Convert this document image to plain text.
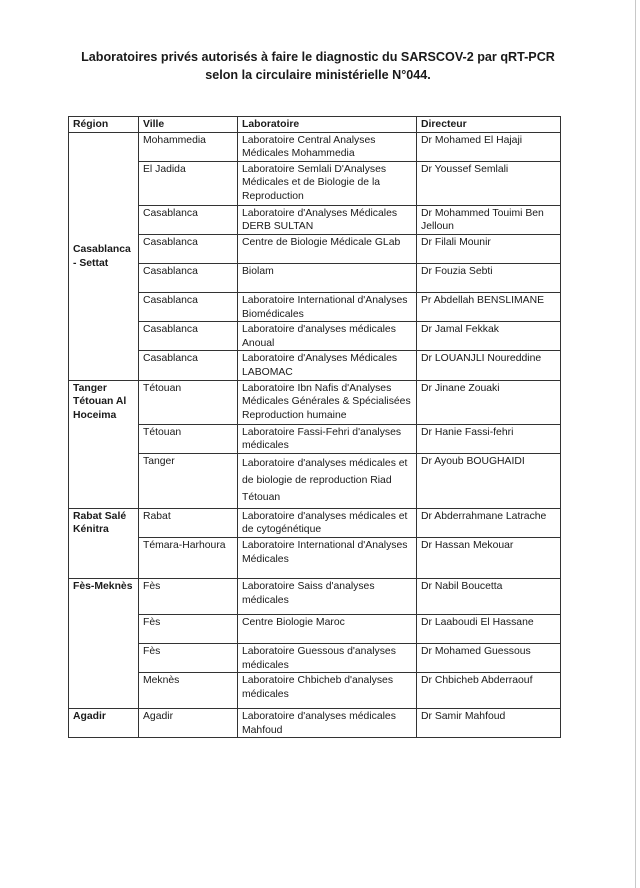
Laboratoires privés autorisés à faire le diagnostic du SARSCOV-2 par qRT-PCR
selon la circulaire ministérielle N°044.
Région	Ville	Laboratoire	Directeur
Casablanca - Settat	Mohammedia	Laboratoire Central Analyses Médicales Mohammedia	Dr Mohamed El Hajaji
	El Jadida	Laboratoire Semlali D'Analyses Médicales et de Biologie de la Reproduction	Dr Youssef Semlali
	Casablanca	Laboratoire d'Analyses Médicales DERB SULTAN	Dr Mohammed Touimi Ben Jelloun
	Casablanca	Centre de Biologie Médicale GLab	Dr Filali Mounir
	Casablanca	Biolam	Dr Fouzia Sebti
	Casablanca	Laboratoire International d'Analyses Biomédicales	Pr Abdellah BENSLIMANE
	Casablanca	Laboratoire d'analyses médicales Anoual	Dr Jamal Fekkak
	Casablanca	Laboratoire d'Analyses Médicales LABOMAC	Dr LOUANJLI Noureddine
Tanger Tétouan Al Hoceima	Tétouan	Laboratoire Ibn Nafis d'Analyses Médicales Générales & Spécialisées Reproduction humaine	Dr Jinane Zouaki
	Tétouan	Laboratoire Fassi-Fehri d'analyses médicales	Dr Hanie Fassi-fehri
	Tanger	Laboratoire d'analyses médicales et de biologie de reproduction Riad Tétouan	Dr Ayoub BOUGHAIDI
Rabat Salé Kénitra	Rabat	Laboratoire d'analyses médicales et de cytogénétique	Dr Abderrahmane Latrache
	Témara-Harhoura	Laboratoire International d'Analyses Médicales	Dr Hassan Mekouar
Fès-Meknès	Fès	Laboratoire Saiss d'analyses médicales	Dr Nabil Boucetta
	Fès	Centre Biologie Maroc	Dr Laaboudi El Hassane
	Fès	Laboratoire Guessous d'analyses médicales	Dr Mohamed Guessous
	Meknès	Laboratoire Chbicheb d'analyses médicales	Dr Chbicheb Abderraouf
Agadir	Agadir	Laboratoire d'analyses médicales Mahfoud	Dr Samir Mahfoud
